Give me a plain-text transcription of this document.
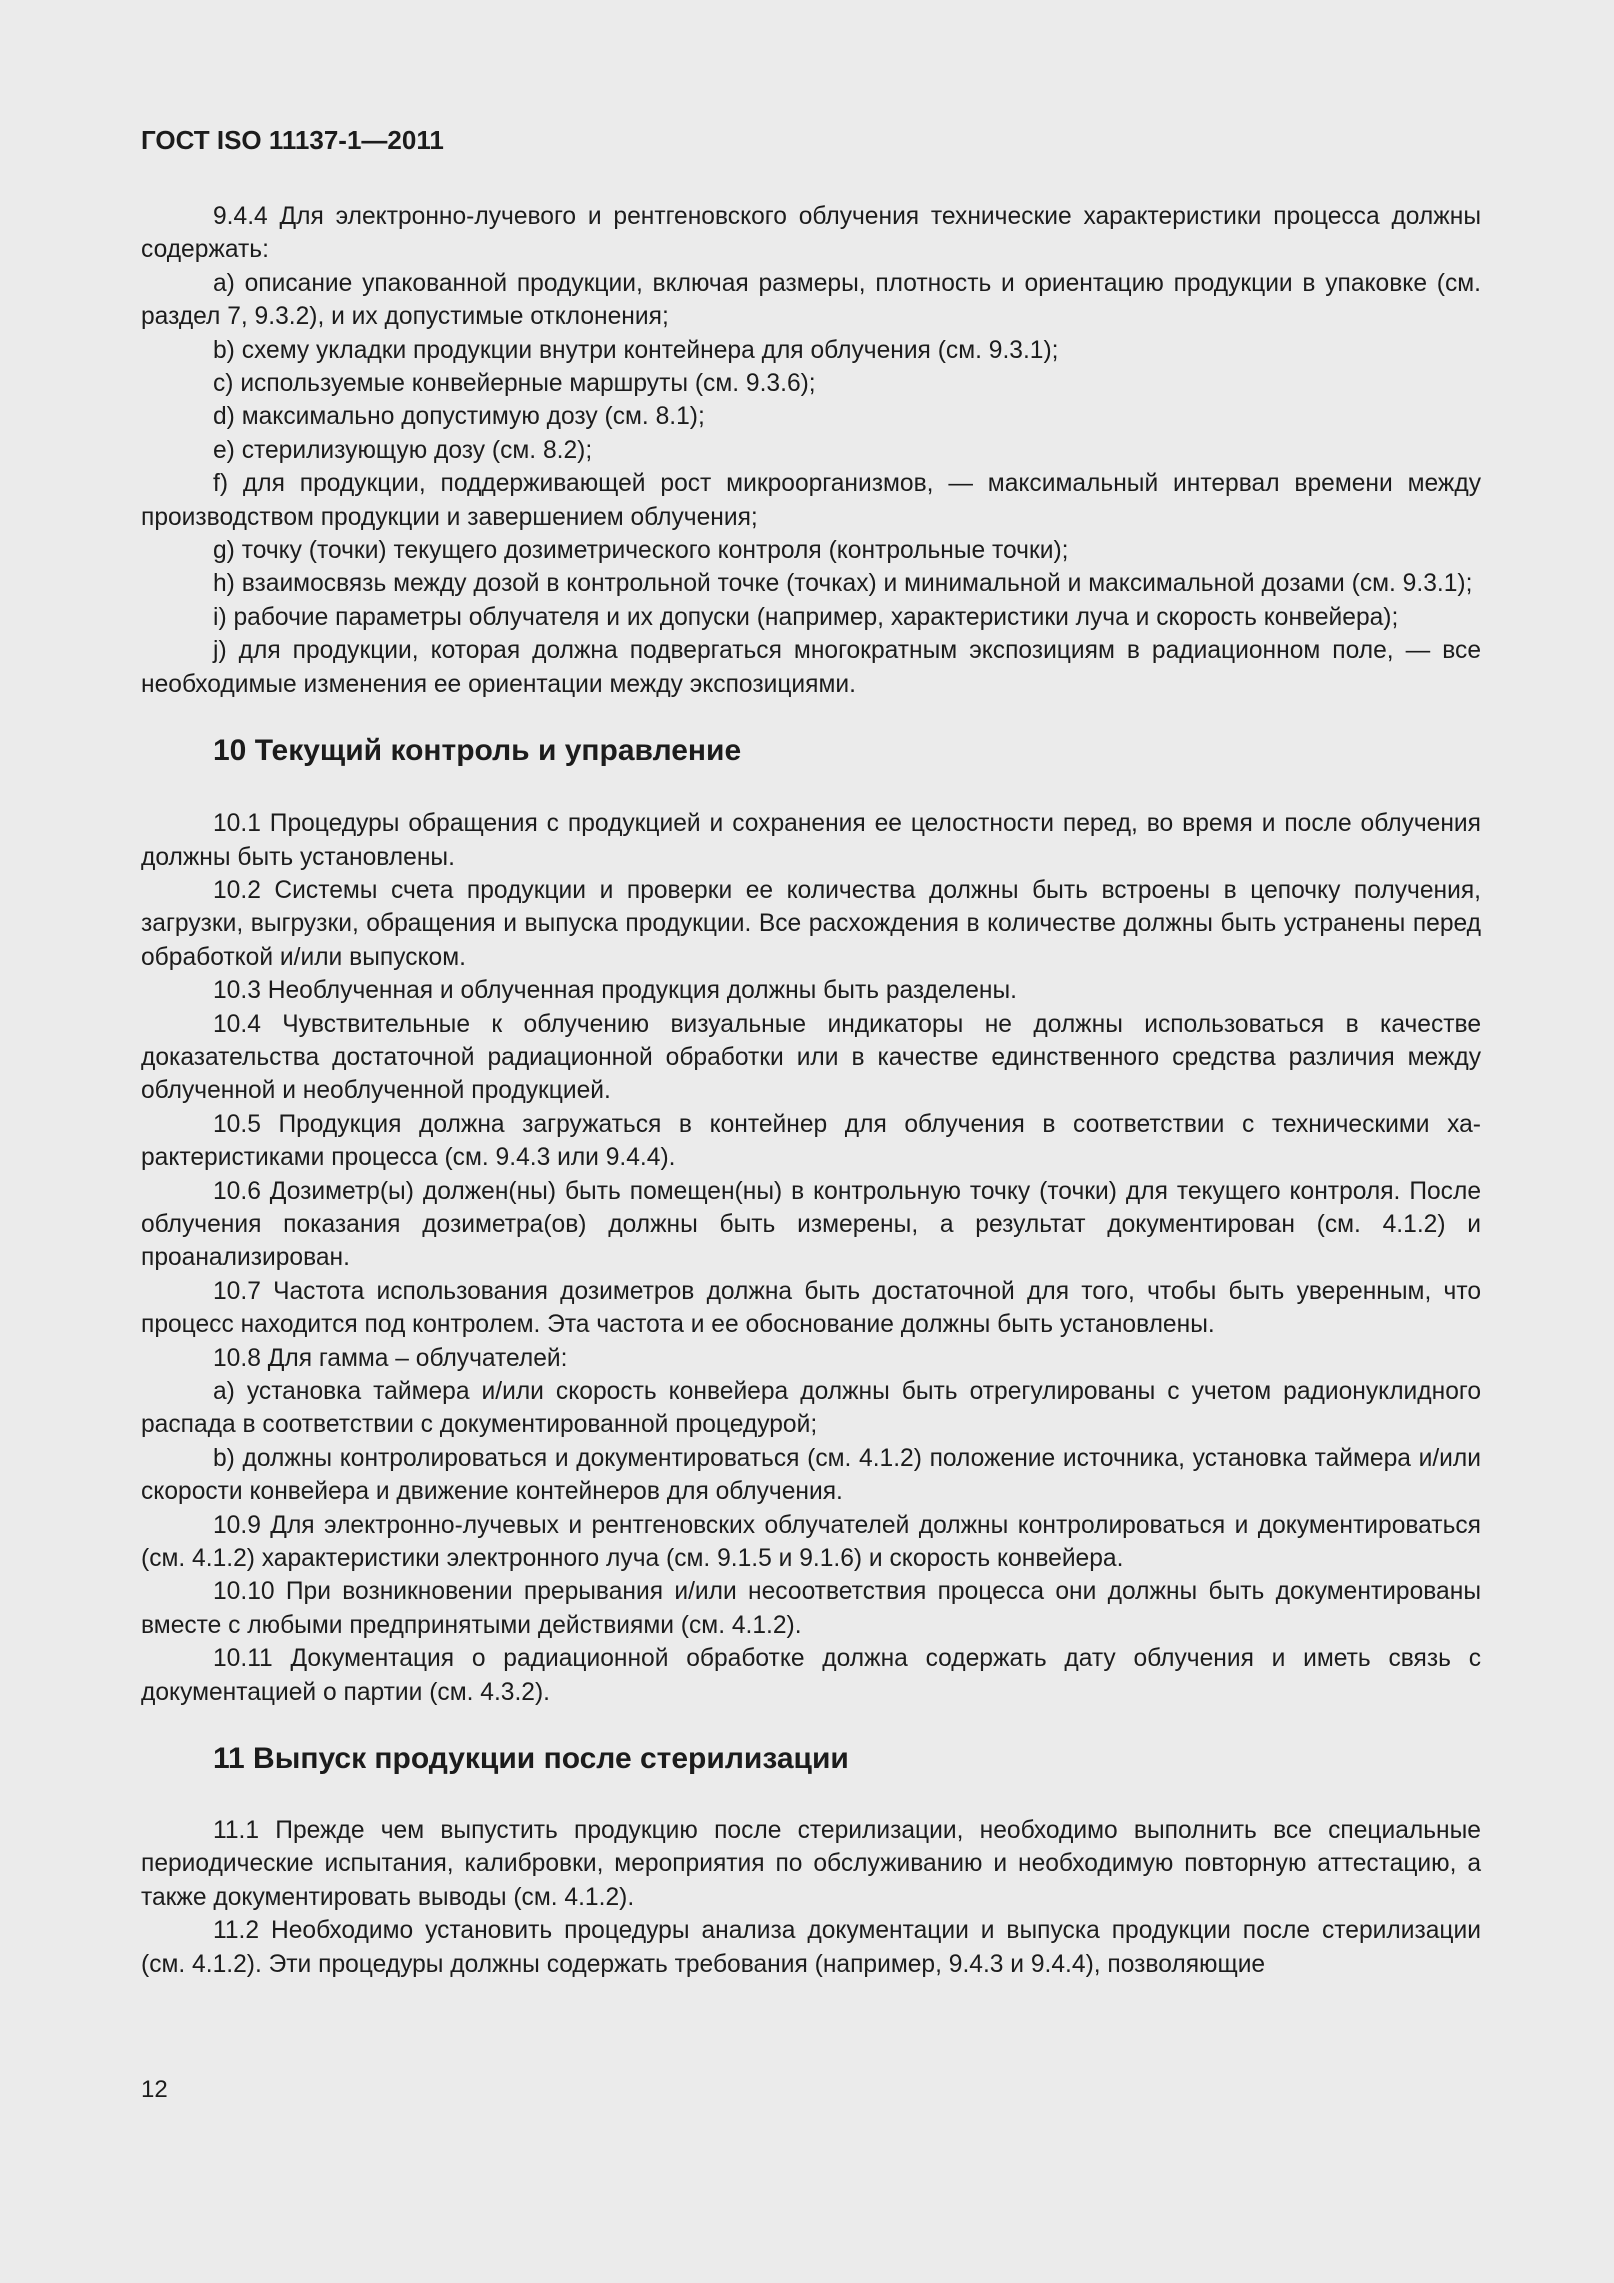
ГОСТ ISO 11137-1—2011

9.4.4 Для электронно-лучевого и рентгеновского облучения технические характеристики процесса должны содержать:

a) описание упакованной продукции, включая размеры, плотность и ориентацию продукции в упаковке (см. раздел 7, 9.3.2), и их допустимые отклонения;

b) схему укладки продукции внутри контейнера для облучения (см. 9.3.1);

c) используемые конвейерные маршруты (см. 9.3.6);

d) максимально допустимую дозу (см. 8.1);

e) стерилизующую дозу (см. 8.2);

f) для продукции, поддерживающей рост микроорганизмов, — максимальный интервал времени между производством продукции и завершением облучения;

g) точку (точки) текущего дозиметрического контроля (контрольные точки);

h) взаимосвязь между дозой в контрольной точке (точках) и минимальной и максимальной дозами (см. 9.3.1);

i) рабочие параметры облучателя и их допуски (например, характеристики луча и скорость конвейера);

j) для продукции, которая должна подвергаться многократным экспозициям в радиационном поле, — все необходимые изменения ее ориентации между экспозициями.

10 Текущий контроль и управление

10.1 Процедуры обращения с продукцией и сохранения ее целостности перед, во время и после облучения должны быть установлены.

10.2 Системы счета продукции и проверки ее количества должны быть встроены в цепочку получения, загрузки, выгрузки, обращения и выпуска продукции. Все расхождения в количестве должны быть устранены перед обработкой и/или выпуском.

10.3 Необлученная и облученная продукция должны быть разделены.

10.4 Чувствительные к облучению визуальные индикаторы не должны использоваться в качестве доказательства достаточной радиационной обработки или в качестве единственного средства различия между облученной и необлученной продукцией.

10.5 Продукция должна загружаться в контейнер для облучения в соответствии с техническими характеристиками процесса (см. 9.4.3 или 9.4.4).

10.6 Дозиметр(ы) должен(ны) быть помещен(ны) в контрольную точку (точки) для текущего контроля. После облучения показания дозиметра(ов) должны быть измерены, а результат документирован (см. 4.1.2) и проанализирован.

10.7 Частота использования дозиметров должна быть достаточной для того, чтобы быть уверенным, что процесс находится под контролем. Эта частота и ее обоснование должны быть установлены.

10.8 Для гамма – облучателей:

a) установка таймера и/или скорость конвейера должны быть отрегулированы с учетом радионуклидного распада в соответствии с документированной процедурой;

b) должны контролироваться и документироваться (см. 4.1.2) положение источника, установка таймера и/или скорости конвейера и движение контейнеров для облучения.

10.9 Для электронно-лучевых и рентгеновских облучателей должны контролироваться и документироваться (см. 4.1.2) характеристики электронного луча (см. 9.1.5 и 9.1.6) и скорость конвейера.

10.10 При возникновении прерывания и/или несоответствия процесса они должны быть документированы вместе с любыми предпринятыми действиями (см. 4.1.2).

10.11 Документация о радиационной обработке должна содержать дату облучения и иметь связь с документацией о партии (см. 4.3.2).

11 Выпуск продукции после стерилизации

11.1 Прежде чем выпустить продукцию после стерилизации, необходимо выполнить все специальные периодические испытания, калибровки, мероприятия по обслуживанию и необходимую повторную аттестацию, а также документировать выводы (см. 4.1.2).

11.2 Необходимо установить процедуры анализа документации и выпуска продукции после стерилизации (см. 4.1.2). Эти процедуры должны содержать требования (например, 9.4.3 и 9.4.4), позволяющие

12
